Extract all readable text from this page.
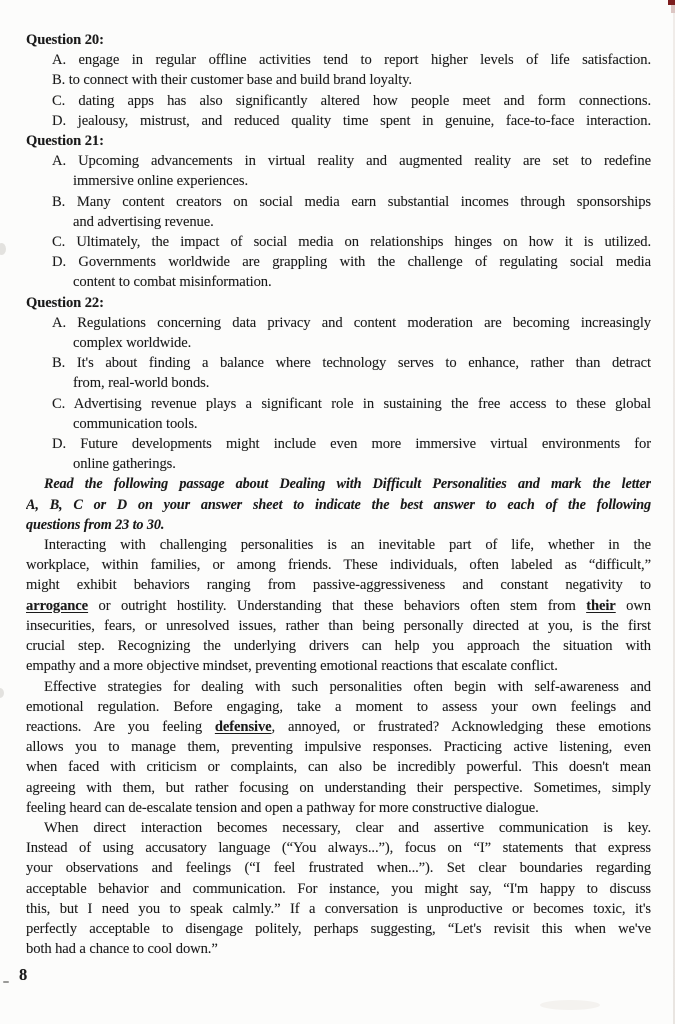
Question 20:
A. engage in regular offline activities tend to report higher levels of life satisfaction.
B. to connect with their customer base and build brand loyalty.
C. dating apps has also significantly altered how people meet and form connections.
D. jealousy, mistrust, and reduced quality time spent in genuine, face-to-face interaction.
Question 21:
A. Upcoming advancements in virtual reality and augmented reality are set to redefine
immersive online experiences.
B. Many content creators on social media earn substantial incomes through sponsorships
and advertising revenue.
C. Ultimately, the impact of social media on relationships hinges on how it is utilized.
D. Governments worldwide are grappling with the challenge of regulating social media
content to combat misinformation.
Question 22:
A. Regulations concerning data privacy and content moderation are becoming increasingly
complex worldwide.
B. It's about finding a balance where technology serves to enhance, rather than detract
from, real-world bonds.
C. Advertising revenue plays a significant role in sustaining the free access to these global
communication tools.
D. Future developments might include even more immersive virtual environments for
online gatherings.
Read the following passage about Dealing with Difficult Personalities and mark the letter
A, B, C or D on your answer sheet to indicate the best answer to each of the following
questions from 23 to 30.
Interacting with challenging personalities is an inevitable part of life, whether in the
workplace, within families, or among friends. These individuals, often labeled as “difficult,”
might exhibit behaviors ranging from passive-aggressiveness and constant negativity to
arrogance or outright hostility. Understanding that these behaviors often stem from their own
insecurities, fears, or unresolved issues, rather than being personally directed at you, is the first
crucial step. Recognizing the underlying drivers can help you approach the situation with
empathy and a more objective mindset, preventing emotional reactions that escalate conflict.
Effective strategies for dealing with such personalities often begin with self-awareness and
emotional regulation. Before engaging, take a moment to assess your own feelings and
reactions. Are you feeling defensive, annoyed, or frustrated? Acknowledging these emotions
allows you to manage them, preventing impulsive responses. Practicing active listening, even
when faced with criticism or complaints, can also be incredibly powerful. This doesn't mean
agreeing with them, but rather focusing on understanding their perspective. Sometimes, simply
feeling heard can de-escalate tension and open a pathway for more constructive dialogue.
When direct interaction becomes necessary, clear and assertive communication is key.
Instead of using accusatory language (“You always...”), focus on “I” statements that express
your observations and feelings (“I feel frustrated when...”). Set clear boundaries regarding
acceptable behavior and communication. For instance, you might say, “I'm happy to discuss
this, but I need you to speak calmly.” If a conversation is unproductive or becomes toxic, it's
perfectly acceptable to disengage politely, perhaps suggesting, “Let's revisit this when we've
both had a chance to cool down.”
8
